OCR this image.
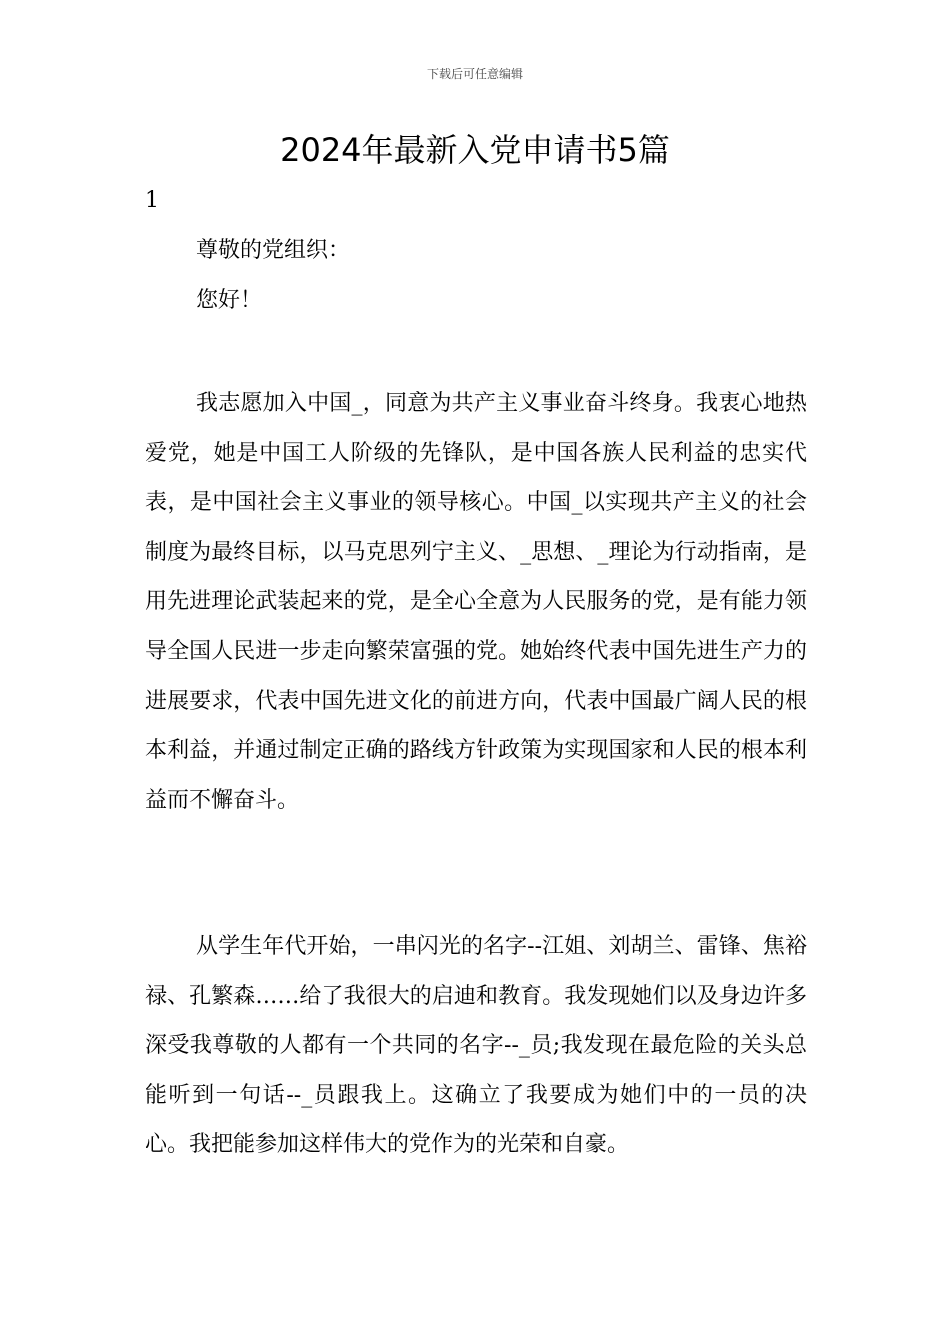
下载后可任意编辑
2024年最新入党申请书5篇
1
尊敬的党组织：
您好！

我志愿加入中国_，同意为共产主义事业奋斗终身。我衷心地热爱党，她是中国工人阶级的先锋队，是中国各族人民利益的忠实代表，是中国社会主义事业的领导核心。中国_以实现共产主义的社会制度为最终目标，以马克思列宁主义、_思想、_理论为行动指南，是用先进理论武装起来的党，是全心全意为人民服务的党，是有能力领导全国人民进一步走向繁荣富强的党。她始终代表中国先进生产力的进展要求，代表中国先进文化的前进方向，代表中国最广阔人民的根本利益，并通过制定正确的路线方针政策为实现国家和人民的根本利益而不懈奋斗。

从学生年代开始，一串闪光的名字--江姐、刘胡兰、雷锋、焦裕禄、孔繁森……给了我很大的启迪和教育。我发现她们以及身边许多深受我尊敬的人都有一个共同的名字--_员;我发现在最危险的关头总能听到一句话--_员跟我上。这确立了我要成为她们中的一员的决心。我把能参加这样伟大的党作为的光荣和自豪。
